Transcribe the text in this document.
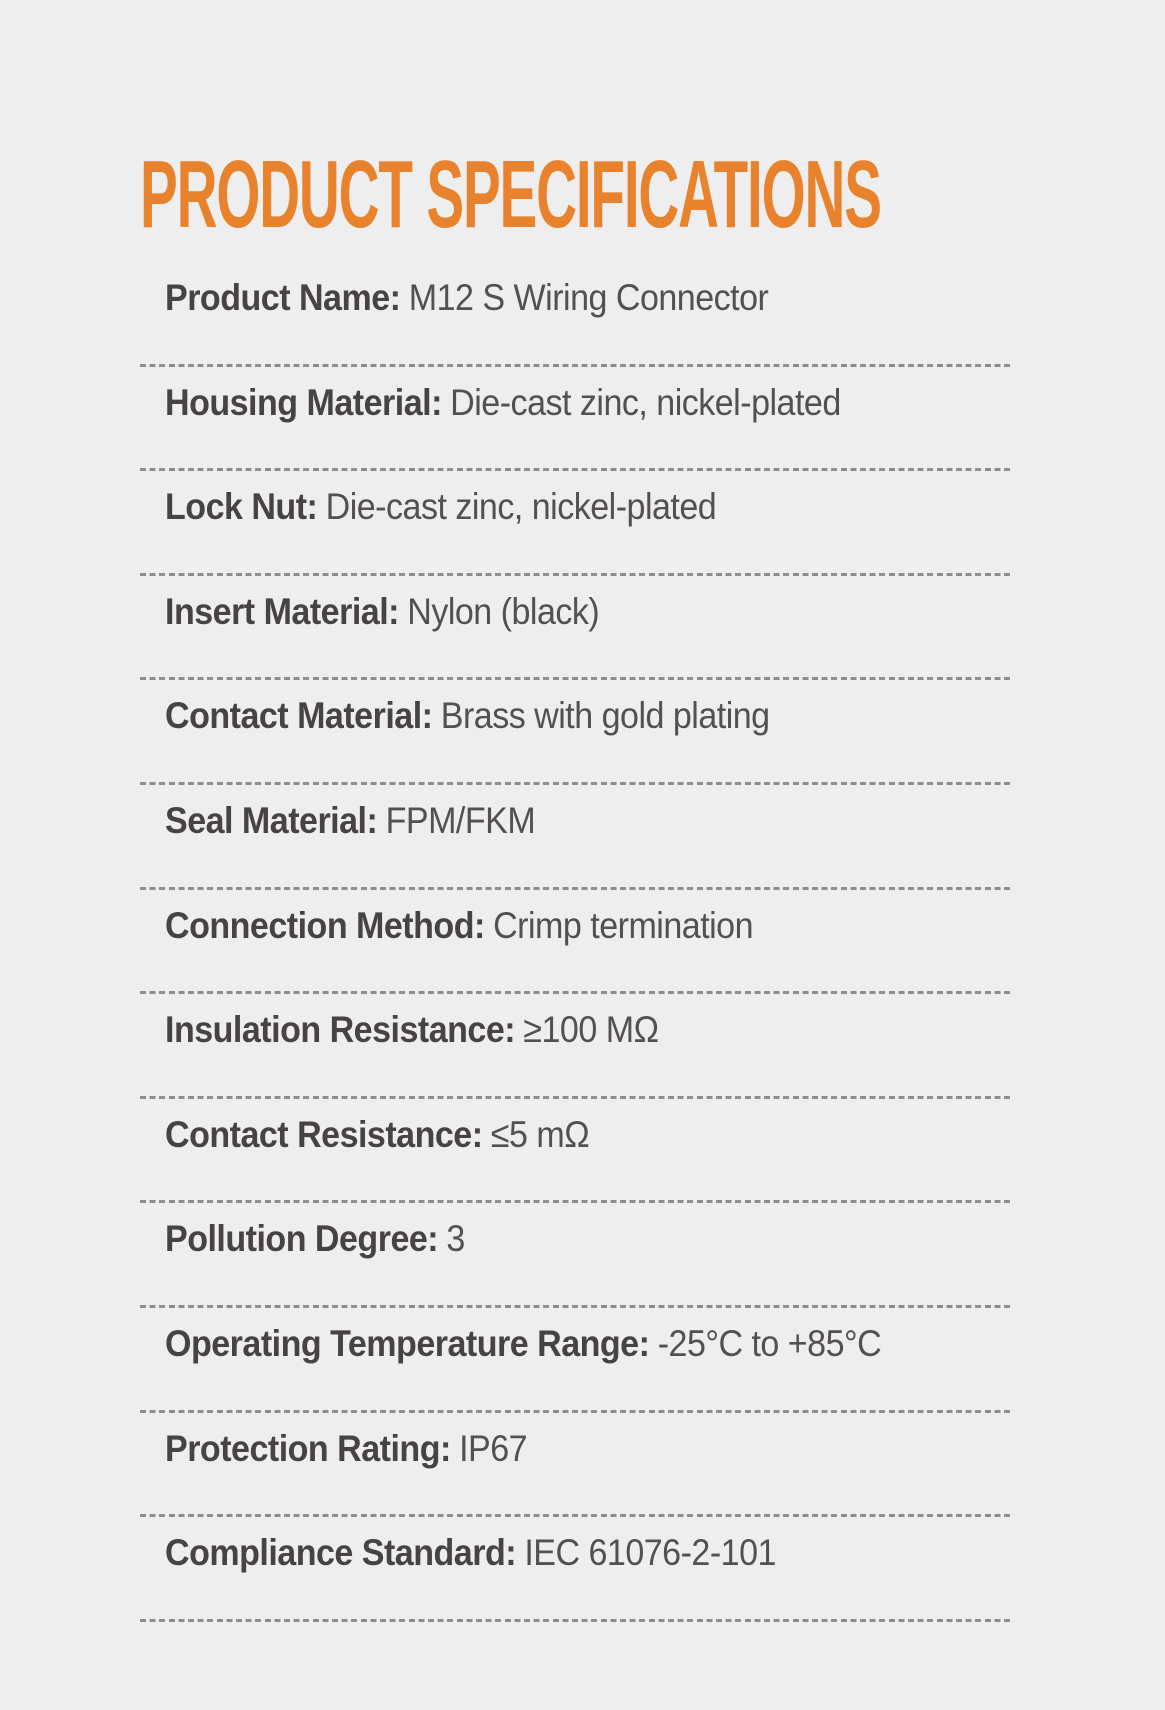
PRODUCT SPECIFICATIONS
Product Name: M12 S Wiring Connector
Housing Material: Die-cast zinc, nickel-plated
Lock Nut: Die-cast zinc, nickel-plated
Insert Material: Nylon (black)
Contact Material: Brass with gold plating
Seal Material: FPM/FKM
Connection Method: Crimp termination
Insulation Resistance: ≥100 MΩ
Contact Resistance: ≤5 mΩ
Pollution Degree: 3
Operating Temperature Range: -25°C to +85°C
Protection Rating: IP67
Compliance Standard: IEC 61076-2-101
